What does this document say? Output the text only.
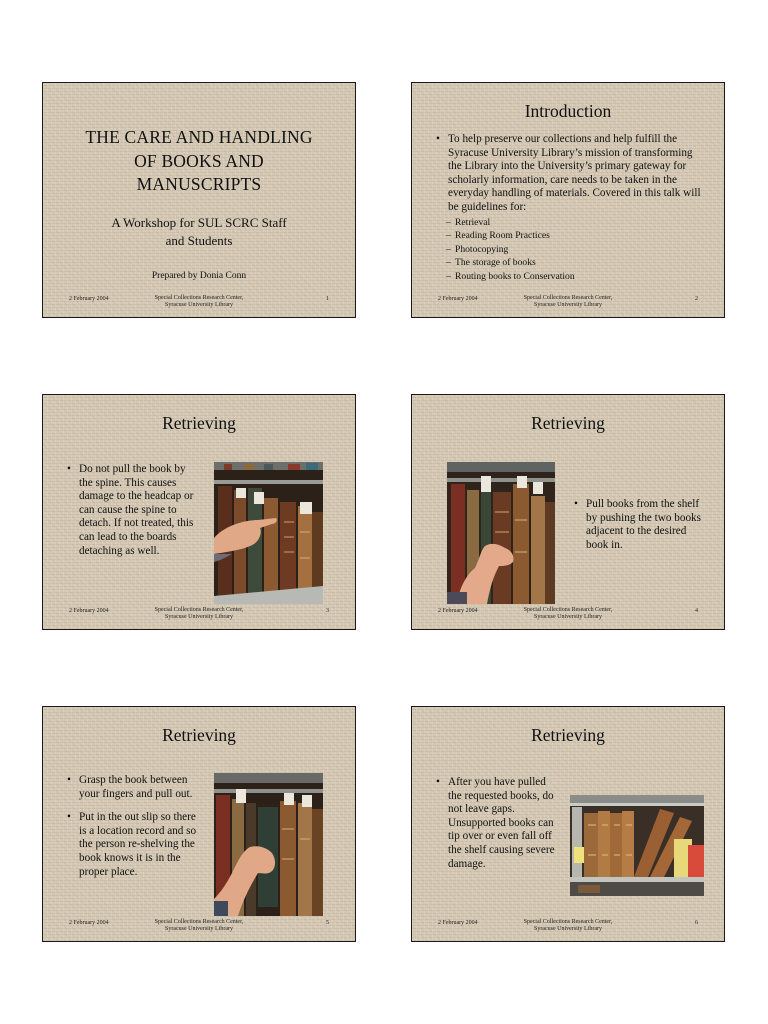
THE CARE AND HANDLING
OF BOOKS AND
MANUSCRIPTS
A Workshop for SUL SCRC Staff
and Students
Prepared by Donia Conn
2 February 2004	Special Collections Research Center,
Syracuse University Library
1
Introduction
• To help preserve our collections and help fulfill the Syracuse University Library’s mission of transforming the Library into the University’s primary gateway for scholarly information, care needs to be taken in the everyday handling of materials. Covered in this talk will be guidelines for:
– Retrieval
– Reading Room Practices
– Photocopying
– The storage of books
– Routing books to Conservation
2 February 2004	Special Collections Research Center,
Syracuse University Library
2
Retrieving
• Do not pull the book by the spine. This causes damage to the headcap or can cause the spine to detach. If not treated, this can lead to the boards detaching as well.
2 February 2004	Special Collections Research Center,
Syracuse University Library
3
Retrieving
• Pull books from the shelf by pushing the two books adjacent to the desired book in.
2 February 2004	Special Collections Research Center,
Syracuse University Library
4
Retrieving
• Grasp the book between your fingers and pull out.
• Put in the out slip so there is a location record and so the person re-shelving the book knows it is in the proper place.
2 February 2004	Special Collections Research Center,
Syracuse University Library
5
Retrieving
• After you have pulled the requested books, do not leave gaps. Unsupported books can tip over or even fall off the shelf causing severe damage.
2 February 2004	Special Collections Research Center,
Syracuse University Library
6
